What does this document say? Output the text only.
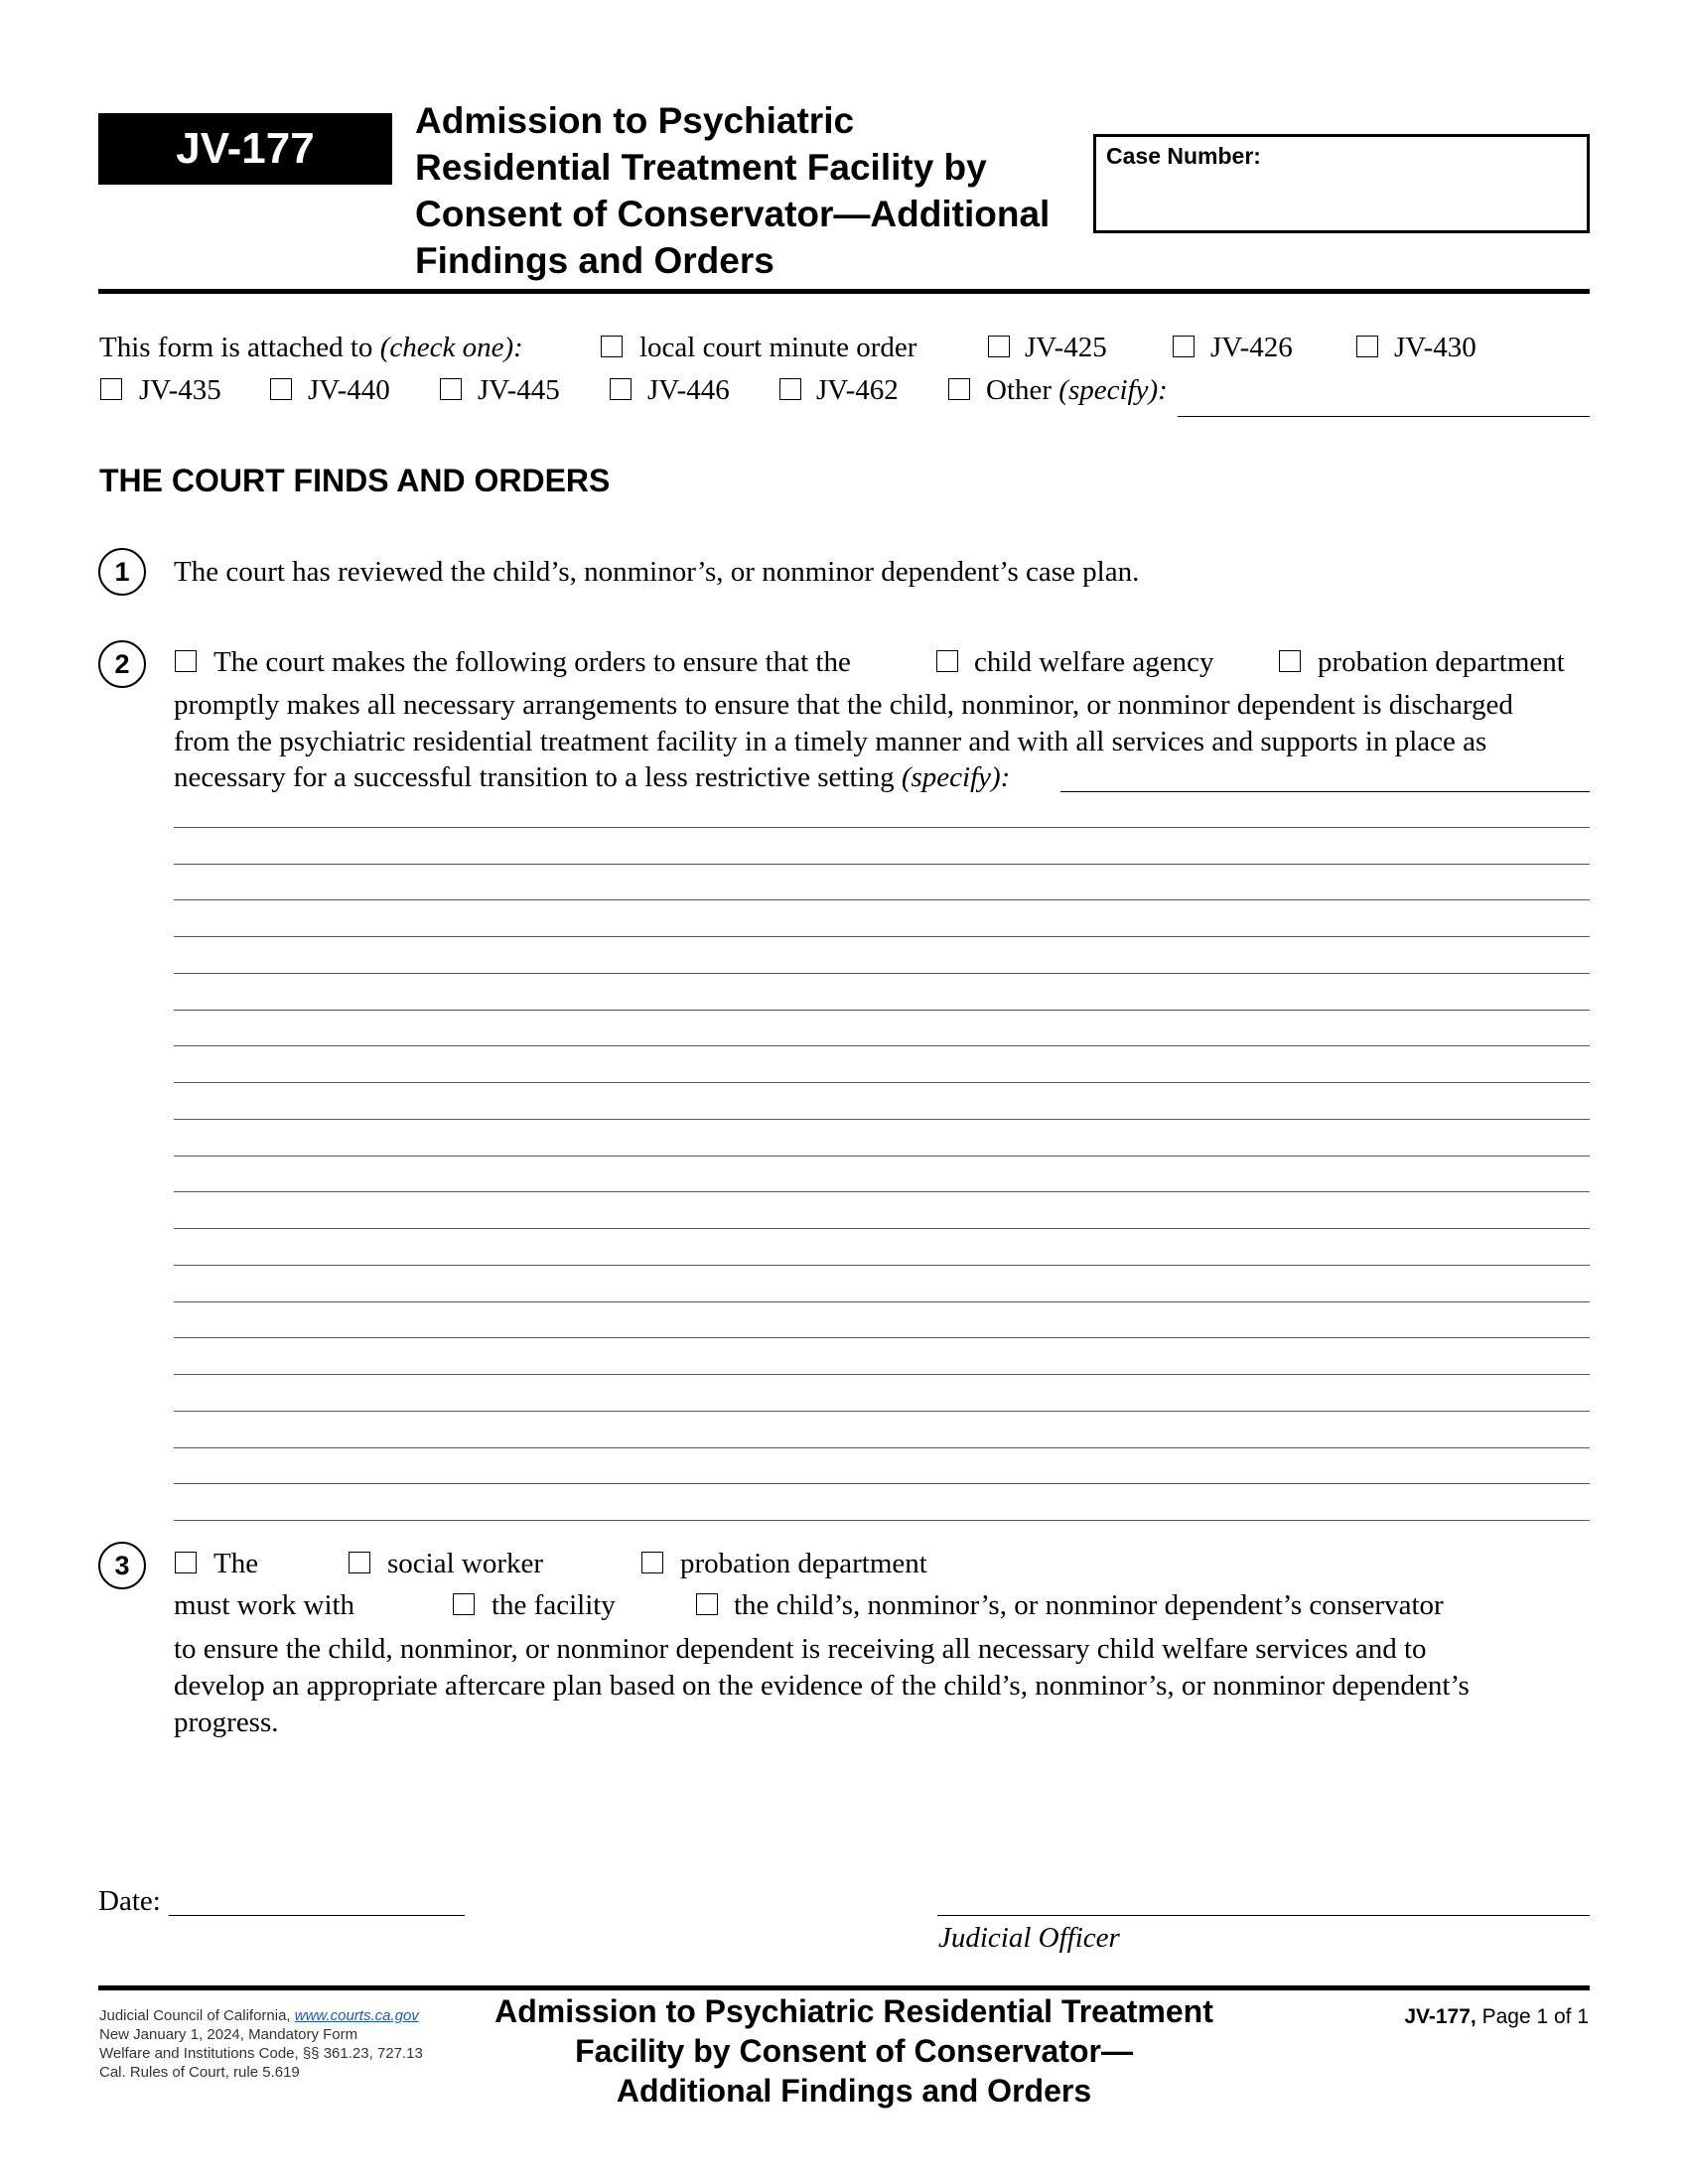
JV-177
Admission to Psychiatric
Residential Treatment Facility by
Consent of Conservator—Additional
Findings and Orders
Case Number:
This form is attached to (check one):	local court minute order	JV-425	JV-426	JV-430
JV-435	JV-440	JV-445	JV-446	JV-462	Other (specify):
THE COURT FINDS AND ORDERS
1	The court has reviewed the child’s, nonminor’s, or nonminor dependent’s case plan.
2	The court makes the following orders to ensure that the	child welfare agency	probation department
promptly makes all necessary arrangements to ensure that the child, nonminor, or nonminor dependent is discharged
from the psychiatric residential treatment facility in a timely manner and with all services and supports in place as
necessary for a successful transition to a less restrictive setting (specify):
3	The	social worker	probation department
must work with	the facility	the child’s, nonminor’s, or nonminor dependent’s conservator
to ensure the child, nonminor, or nonminor dependent is receiving all necessary child welfare services and to
develop an appropriate aftercare plan based on the evidence of the child’s, nonminor’s, or nonminor dependent’s
progress.
Date:
Judicial Officer
Judicial Council of California, www.courts.ca.gov
New January 1, 2024, Mandatory Form
Welfare and Institutions Code, §§ 361.23, 727.13
Cal. Rules of Court, rule 5.619
Admission to Psychiatric Residential Treatment
Facility by Consent of Conservator—
Additional Findings and Orders
JV-177, Page 1 of 1
